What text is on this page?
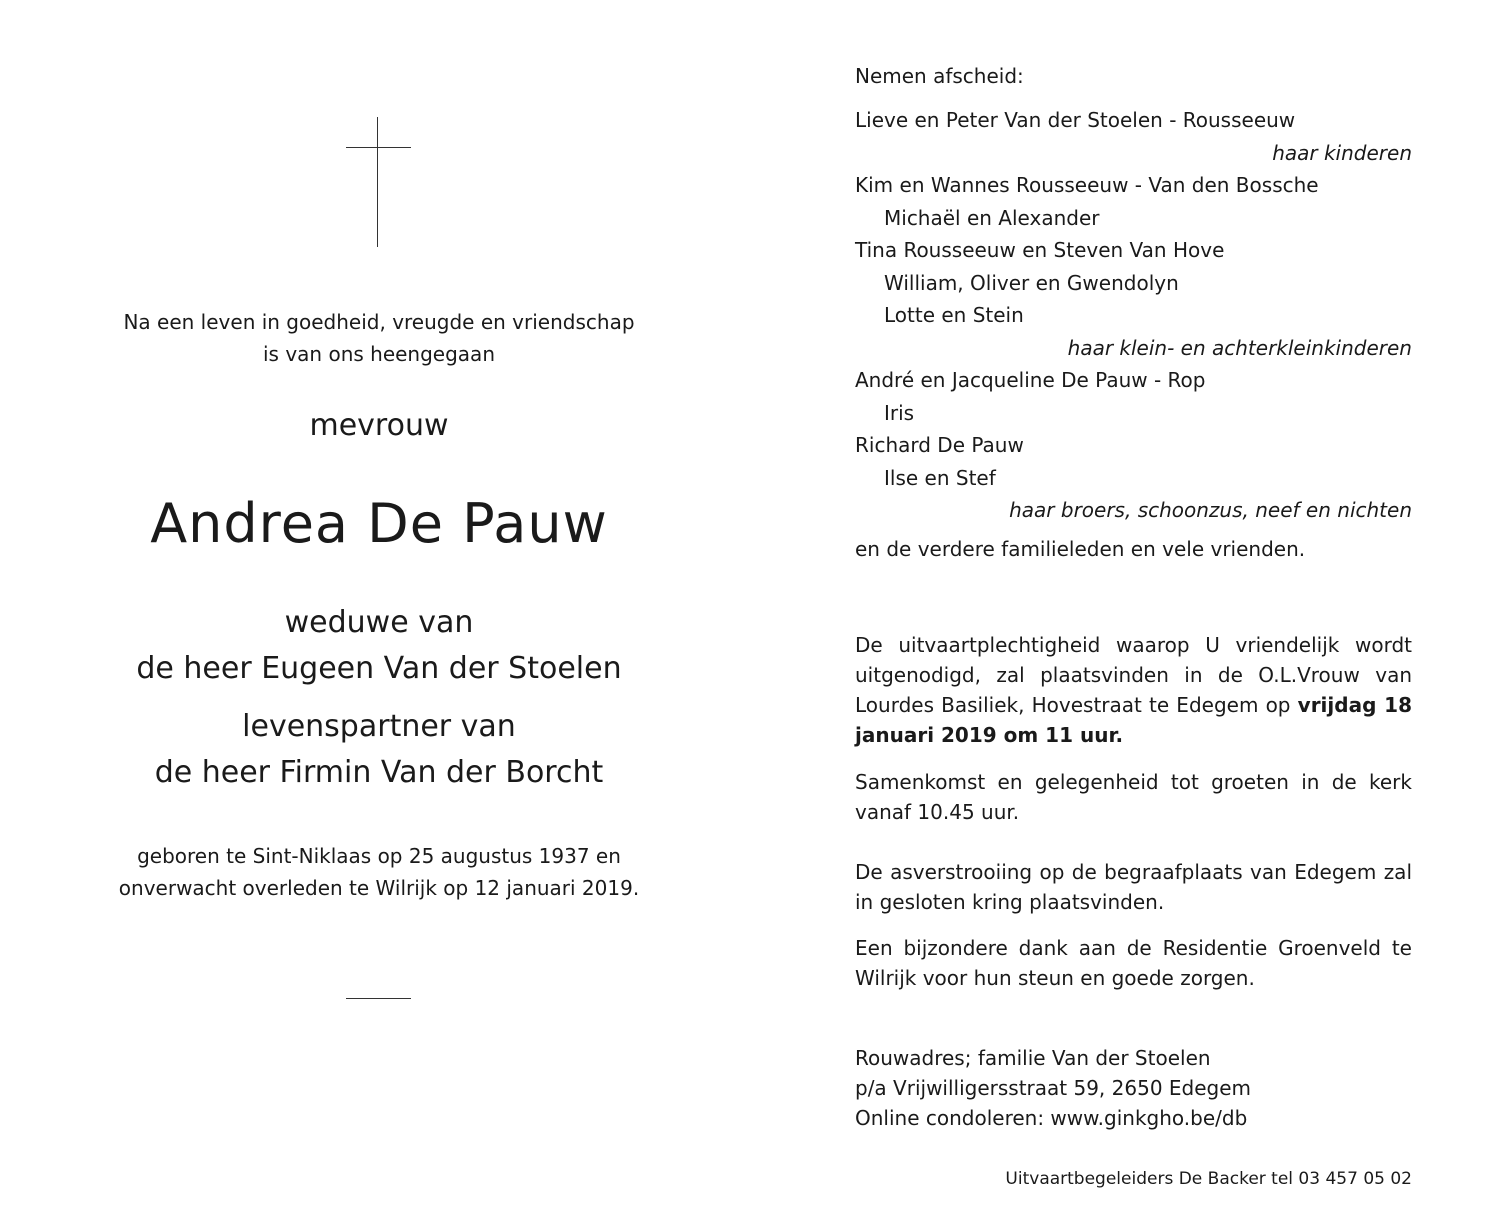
Na een leven in goedheid, vreugde en vriendschap
is van ons heengegaan
mevrouw
Andrea De Pauw
weduwe van
de heer Eugeen Van der Stoelen
levenspartner van
de heer Firmin Van der Borcht
geboren te Sint-Niklaas op 25 augustus 1937 en
onverwacht overleden te Wilrijk op 12 januari 2019.
Nemen afscheid:
Lieve en Peter Van der Stoelen - Rousseeuw
haar kinderen
Kim en Wannes Rousseeuw - Van den Bossche
Michaël en Alexander
Tina Rousseeuw en Steven Van Hove
William, Oliver en Gwendolyn
Lotte en Stein
haar klein- en achterkleinkinderen
André en Jacqueline De Pauw - Rop
Iris
Richard De Pauw
Ilse en Stef
haar broers, schoonzus, neef en nichten
en de verdere familieleden en vele vrienden.
De uitvaartplechtigheid waarop U vriendelijk wordt uitgenodigd, zal plaatsvinden in de O.L.Vrouw van Lourdes Basiliek, Hovestraat te Edegem op vrijdag 18 januari 2019 om 11 uur.
Samenkomst en gelegenheid tot groeten in de kerk vanaf 10.45 uur.
De asverstrooiing op de begraafplaats van Edegem zal in gesloten kring plaatsvinden.
Een bijzondere dank aan de Residentie Groenveld te Wilrijk voor hun steun en goede zorgen.
Rouwadres; familie Van der Stoelen
p/a Vrijwilligersstraat 59, 2650 Edegem
Online condoleren: www.ginkgho.be/db
Uitvaartbegeleiders De Backer tel 03 457 05 02
